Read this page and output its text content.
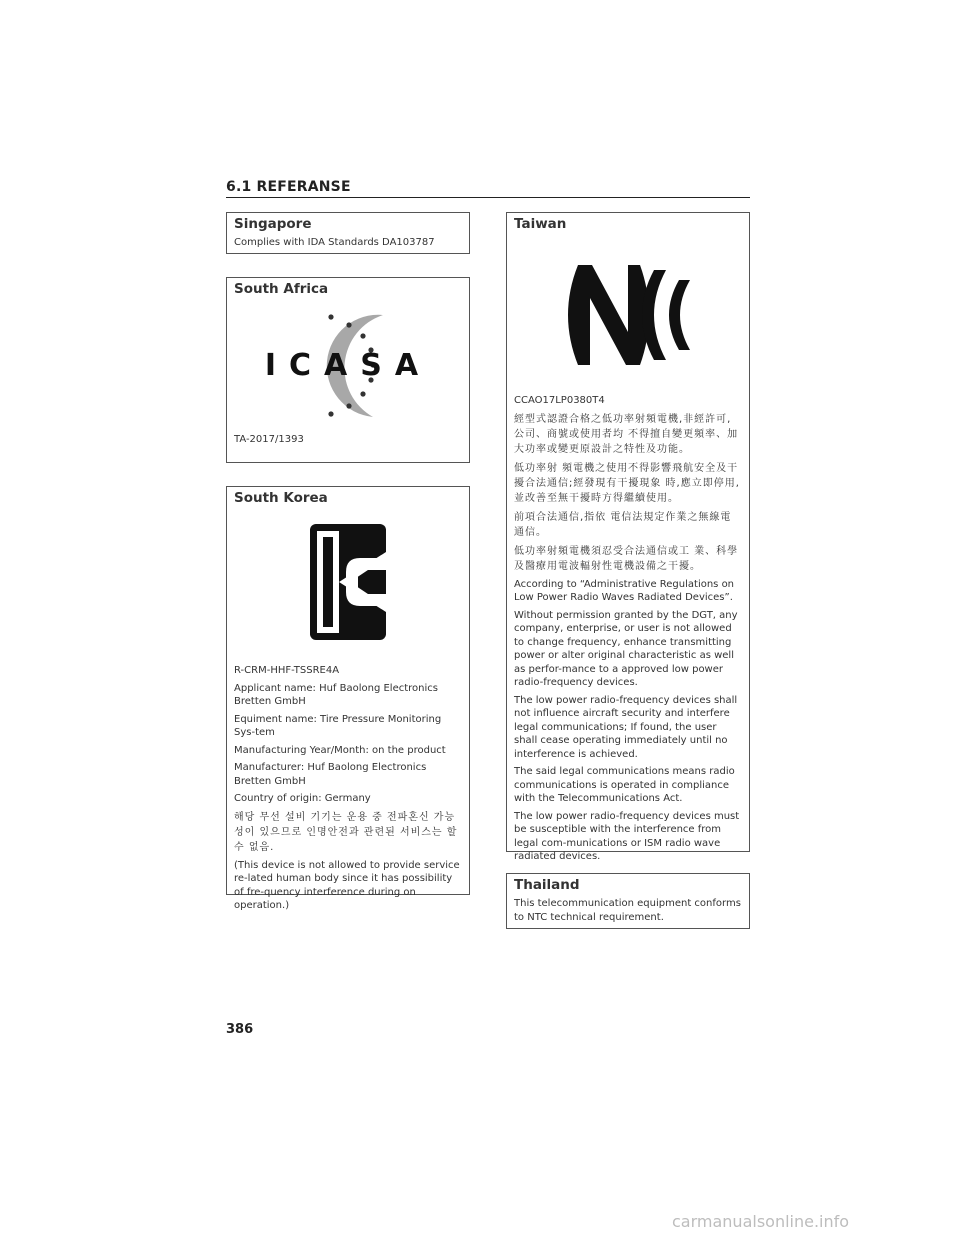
6.1 REFERANSE
Singapore

Complies with IDA Standards DA103787

South Africa
ICASA

TA-2017/1393

South Korea

R-CRM-HHF-TSSRE4A

Applicant name: Huf Baolong Electronics Bretten GmbH

Equiment name: Tire Pressure Monitoring Sys-tem

Manufacturing Year/Month: on the product

Manufacturer: Huf Baolong Electronics Bretten GmbH

Country of origin: Germany

해당 무선 설비 기기는 운용 중 전파혼신 가능성이 있으므로 인명안전과 관련된 서비스는 할 수 없음.

(This device is not allowed to provide service re-lated human body since it has possibility of fre-quency interference during on operation.)

Taiwan

CCAO17LP0380T4

經型式認證合格之低功率射頻電機,非經許可,公司、商號或使用者均 不得擅自變更頻率、加大功率或變更原設計之特性及功能。

低功率射 頻電機之使用不得影響飛航安全及干擾合法通信;經發現有干擾現象 時,應立即停用,並改善至無干擾時方得繼續使用。

前項合法通信,指依 電信法規定作業之無線電通信。

低功率射頻電機須忍受合法通信或工 業、科學及醫療用電波輻射性電機設備之干擾。

According to “Administrative Regulations on Low Power Radio Waves Radiated Devices”.

Without permission granted by the DGT, any company, enterprise, or user is not allowed to change frequency, enhance transmitting power or alter original characteristic as well as perfor-mance to a approved low power radio-frequency devices.

The low power radio-frequency devices shall not influence aircraft security and interfere legal communications; If found, the user shall cease operating immediately until no interference is achieved.

The said legal communications means radio communications is operated in compliance with the Telecommunications Act.

The low power radio-frequency devices must be susceptible with the interference from legal com-munications or ISM radio wave radiated devices.

Thailand

This telecommunication equipment conforms to NTC technical requirement.

386
carmanualsonline.info
